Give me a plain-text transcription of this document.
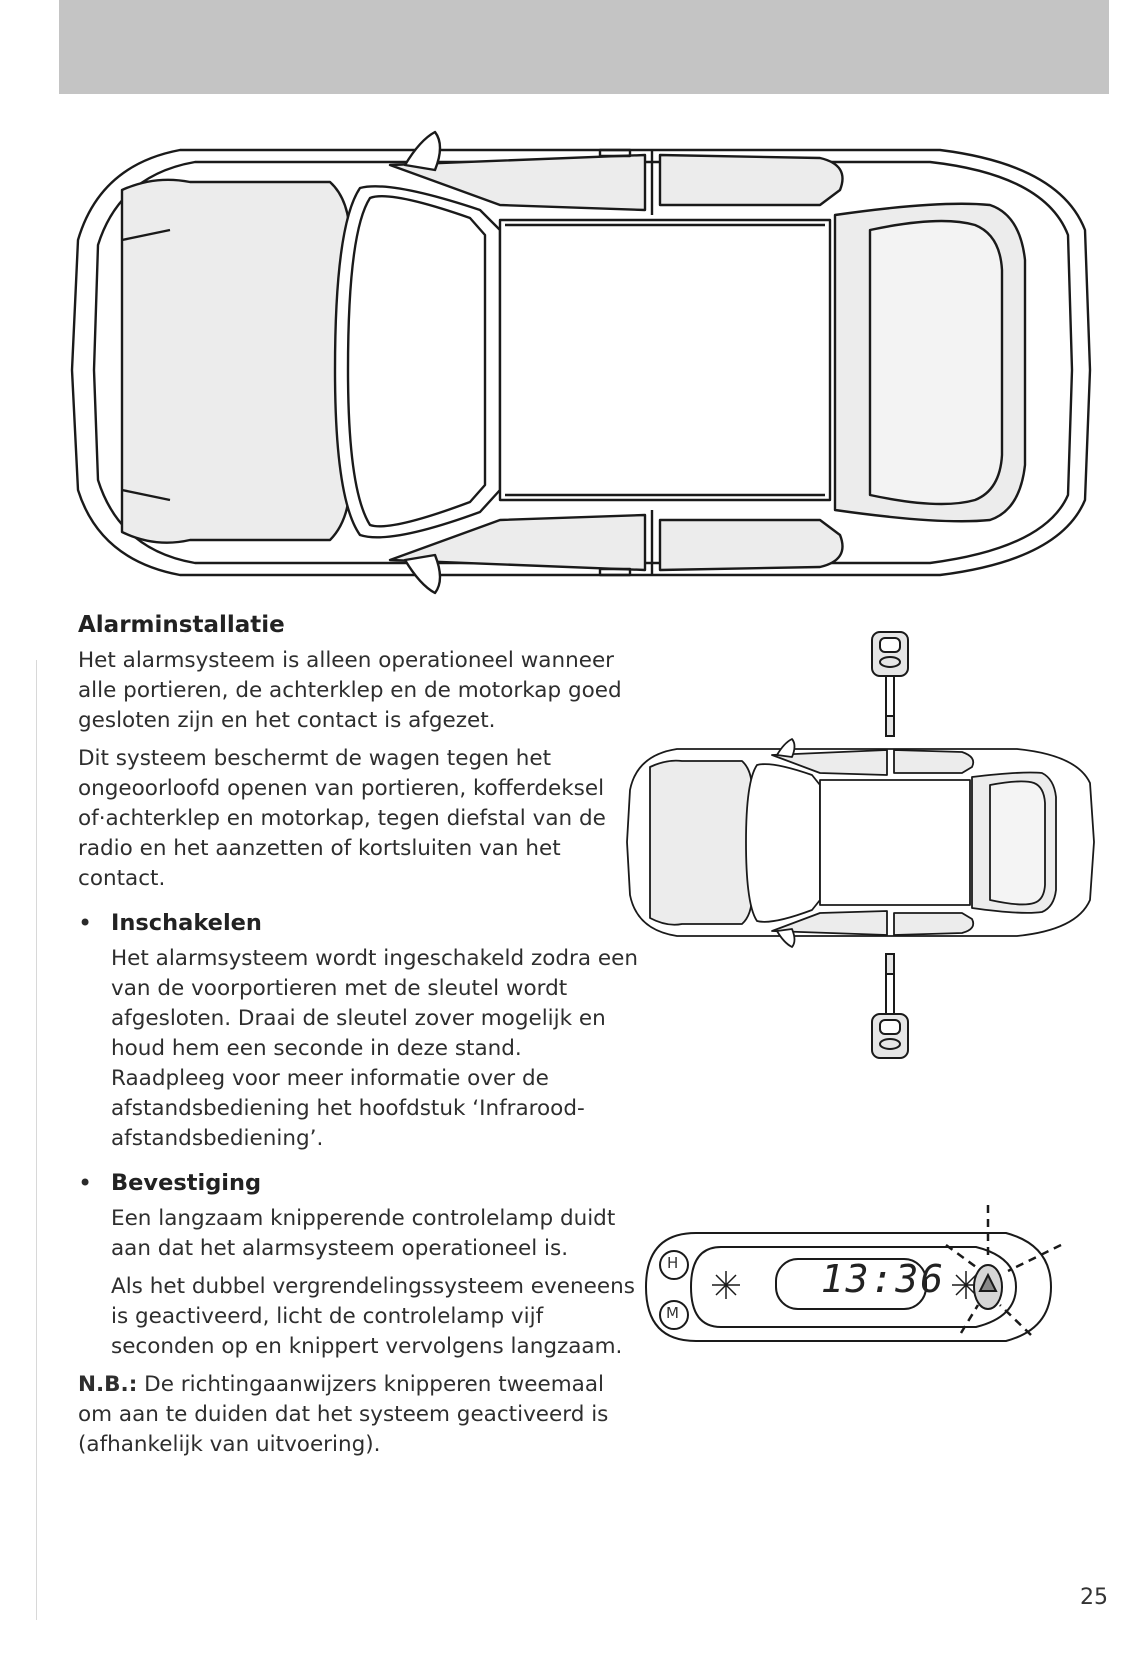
Alarminstallatie

Het alarmsysteem is alleen operationeel wanneer alle portieren, de achterklep en de motorkap goed gesloten zijn en het contact is afgezet.

Dit systeem beschermt de wagen tegen het ongeoorloofd openen van portieren, kofferdeksel of·achterklep en motorkap, tegen diefstal van de radio en het aanzetten of kortsluiten van het contact.

• Inschakelen

Het alarmsysteem wordt ingeschakeld zodra een van de voorportieren met de sleutel wordt afgesloten. Draai de sleutel zover mogelijk en houd hem een seconde in deze stand. Raadpleeg voor meer informatie over de afstandsbediening het hoofdstuk ‘Infrarood-afstandsbediening’.

• Bevestiging

Een langzaam knipperende controlelamp duidt aan dat het alarmsysteem operationeel is.

Als het dubbel vergrendelingssysteem eveneens is geactiveerd, licht de controlelamp vijf seconden op en knippert vervolgens langzaam.

N.B.: De richtingaanwijzers knipperen tweemaal om aan te duiden dat het systeem geactiveerd is (afhankelijk van uitvoering).

13:36
H
M
25
